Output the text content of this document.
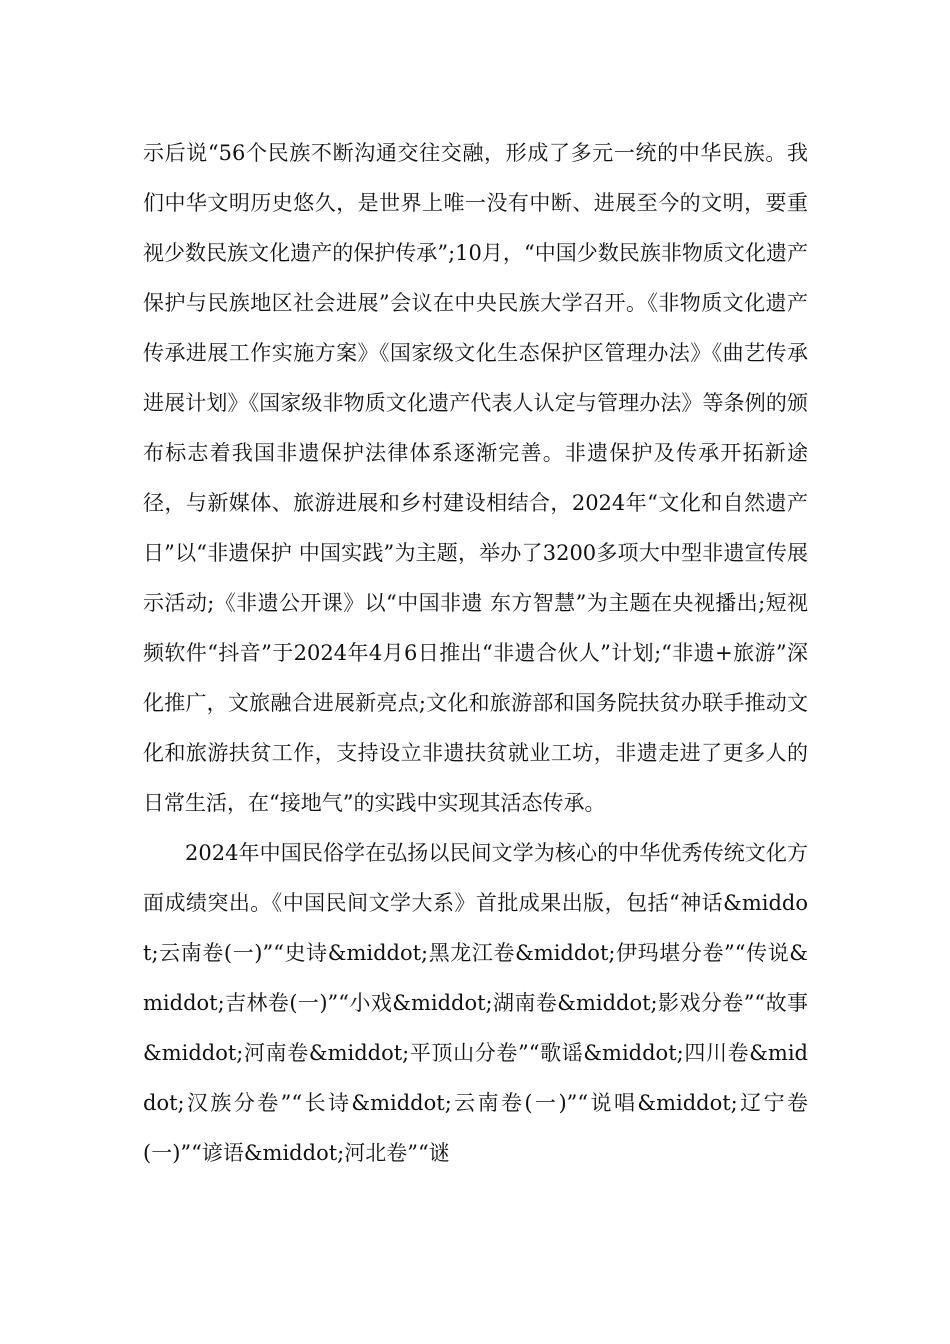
示后说“56个民族不断沟通交往交融，形成了多元一统的中华民族。我们中华文明历史悠久，是世界上唯一没有中断、进展至今的文明，要重视少数民族文化遗产的保护传承”;10月，“中国少数民族非物质文化遗产保护与民族地区社会进展”会议在中央民族大学召开。《非物质文化遗产传承进展工作实施方案》《国家级文化生态保护区管理办法》《曲艺传承进展计划》《国家级非物质文化遗产代表人认定与管理办法》等条例的颁布标志着我国非遗保护法律体系逐渐完善。非遗保护及传承开拓新途径，与新媒体、旅游进展和乡村建设相结合，2024年“文化和自然遗产日”以“非遗保护 中国实践”为主题，举办了3200多项大中型非遗宣传展示活动;《非遗公开课》以“中国非遗 东方智慧”为主题在央视播出;短视频软件“抖音”于2024年4月6日推出“非遗合伙人”计划;“非遗+旅游”深化推广，文旅融合进展新亮点;文化和旅游部和国务院扶贫办联手推动文化和旅游扶贫工作，支持设立非遗扶贫就业工坊，非遗走进了更多人的日常生活，在“接地气”的实践中实现其活态传承。

2024年中国民俗学在弘扬以民间文学为核心的中华优秀传统文化方面成绩突出。《中国民间文学大系》首批成果出版，包括“神话&middot;云南卷(一)”“史诗&middot;黑龙江卷&middot;伊玛堪分卷”“传说&middot;吉林卷(一)”“小戏&middot;湖南卷&middot;影戏分卷”“故事&middot;河南卷&middot;平顶山分卷”“歌谣&middot;四川卷&middot;汉族分卷”“长诗&middot;云南卷(一)”“说唱&middot;辽宁卷(一)”“谚语&middot;河北卷”“谜
